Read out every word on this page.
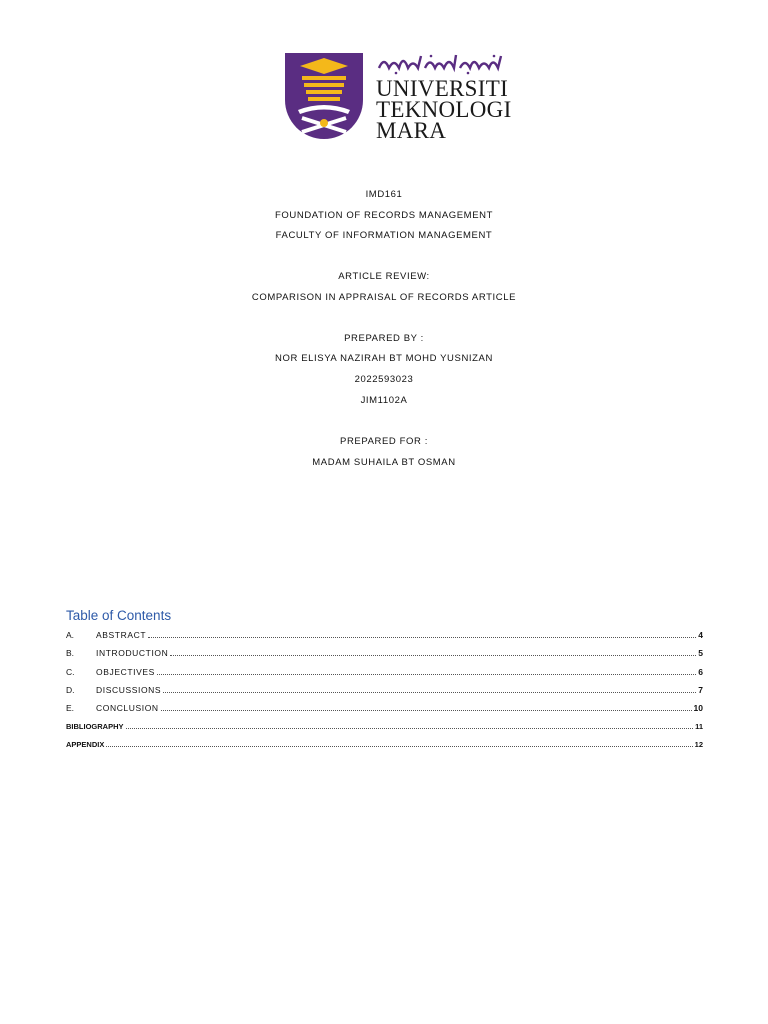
UNIVERSITI
TEKNOLOGI
MARA
IMD161
FOUNDATION OF RECORDS MANAGEMENT
FACULTY OF INFORMATION MANAGEMENT
ARTICLE REVIEW:
COMPARISON IN APPRAISAL OF RECORDS ARTICLE
PREPARED BY :
NOR ELISYA NAZIRAH BT MOHD YUSNIZAN
2022593023
JIM1102A
PREPARED FOR :
MADAM SUHAILA BT OSMAN
Table of Contents
A.	ABSTRACT	4
B.	INTRODUCTION	5
C.	OBJECTIVES	6
D.	DISCUSSIONS	7
E.	CONCLUSION	10
BIBLIOGRAPHY	11
APPENDIX	12
